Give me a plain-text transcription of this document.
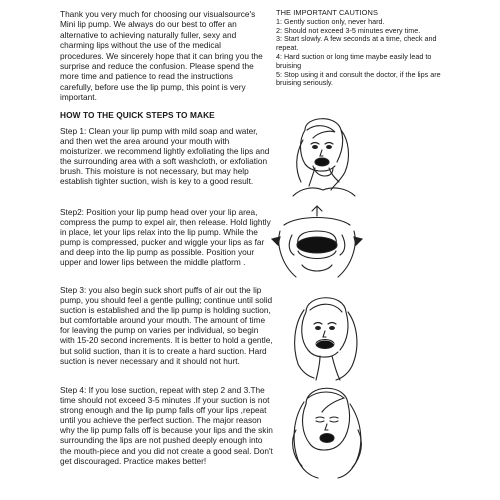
Thank you very much for choosing our visualsource's Mini lip pump. We always do our best to offer an alternative to achieving naturally fuller, sexy and charming lips without the use of the medical procedures. We sincerely hope that it can bring you the surprise and reduce the confusion. Please spend the more time and patience to read the instructions carefully, before use the lip pump, this point is very important.

THE IMPORTANT CAUTIONS
1: Gently suction only, never hard.
2: Should not exceed 3-5 minutes every time.
3: Start slowly. A few seconds at a time, check and repeat.
4: Hard suction or long time maybe easily lead to bruising
5: Stop using it and consult the doctor, if the lips are bruising seriously.
HOW TO THE QUICK STEPS TO MAKE

Step 1: Clean your lip pump with mild soap and water, and then wet the area around your mouth with moisturizer. we recommend lightly exfoliating the lips and the surrounding area with a soft washcloth, or exfoliation brush. This moisture is not necessary, but may help establish tighter suction, wish is key to a good result.

Step2: Position your lip pump head over your lip area, compress the pump to expel air, then release. Hold lightly in place, let your lips relax into the lip pump. While the pump is compressed, pucker and wiggle your lips as far and deep into the lip pump as possible. Position your upper and lower lips between the middle platform .

Step 3: you also begin suck short puffs of air out the lip pump, you should feel a gentle pulling; continue until solid suction is established and the lip pump is holding suction, but comfortable around your mouth. The amount of time for leaving the pump on varies per individual, so begin with 15-20 second increments. It is better to hold a gentle, but solid suction, than it is to create a hard suction. Hard suction is never necessary and it should not hurt.

Step 4: If you lose suction, repeat with step 2 and 3.The time should not exceed 3-5 minutes .If your suction is not strong enough and the lip pump falls off your lips ,repeat until you achieve the perfect suction. The major reason why the lip pump falls off is because your lips and the skin surrounding the lips are not pushed deeply enough into the mouth-piece and you did not create a good seal. Don't get discouraged. Practice makes better!
